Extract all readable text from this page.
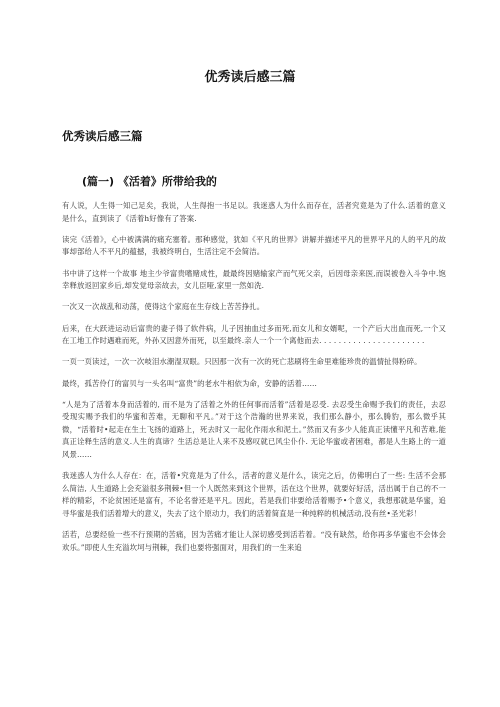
优秀读后感三篇
优秀读后感三篇
(篇一) 《活着》所带给我的

有人说，人生得一知己足矣，我说，人生得抱一书足以。我迷惑人为什么而存在，活者究竟是为了什么.活着的意义是什么，直到读了《活着h好像有了答案.

读完《活着》，心中被满满的痛充塞着。那种感觉，犹如《平凡的世界》讲解并描述平凡的世界平凡的人的平凡的故事却部给人不平凡的蕴撼，我被终明白，生活注定不会简洁。

书中讲了这样一个故事 地主少爷富贵嗜赌成性，最最终因赌输家产而气死父亲，后因母亲来医,而误被卷入斗争中.饱幸释放返回家乡后,却发觉母亲故去，女儿臣哑,家里一然如洗.

一次又一次战乱和动荡，使得这个家庭在生存线上苦苦挣扎。

后来，在大跃进运动后富贵的妻子得了软件病，儿子因抽血过多而死,而女儿和女婿呢，一个产后大出血而死,一个又在工地工作时遇难而死，外孙又因意外而死，以至最终.亲人一个一个离他而去. . . . . . . . . . . . . . . . . . . . . .

一页一页读过，一次一次岐泪水潮湿双眼。只因那一次有一次的死亡悲刷将生命里难能珍贵的温情扯得粉碎。

最终，孤苦伶仃的富贝与一头名叫“富贵”的老水牛相依为命，安静的活着……

“人是为了活着本身而活着的, 而不是为了活着之外的任何事而活着”活着是忍受. 去忍受生命赐予我们的责任，去忍受现实赐予我们的华蜜和苦难，无聊和平凡。”对于这个浩瀚的世界来说，我们那么静小，那么腾豹，那么微乎其微，“活着时•起走在生土飞扬的道路上，死去时又一起化作雨水和泥土。”然而又有多少人能真正读懂平凡和苦难,能真正诠释生活的意义.人生的真谛？生活总是让人来不及感叹就已风尘仆仆. 无论华蜜或者困难，都是人生路上的一道风景……

我迷惑人为什么人存在：在，活着•究竟是为了什么，活者的意义是什么，读完之后，仿佛明白了一些: 生活不会那么简洁, 人生道路上会充溢很多荆棘•但一个人既然来到这个世界，活在这个世界，就要好好活，活出属于自己的不一样的精彩，不论贫困还是富有，不论名誉还是平凡。因此，若是我们非要给活着赐予•个意义，我想那就是华蜜，追寻华蜜是我们活着增大的意义，失去了这个原动力，我们的活着简直是一种纯粹的机械活动,没有丝•圣光彩！

活若，总要经验一些不行预期的苦痛，因为苦痛才能让人深切感受到活若着。“没有缺然，给你再多华蜜也不会体会欢乐。”即使人生充溢坎坷与荆棘，我们也要将强面对，用我们的一生来追
